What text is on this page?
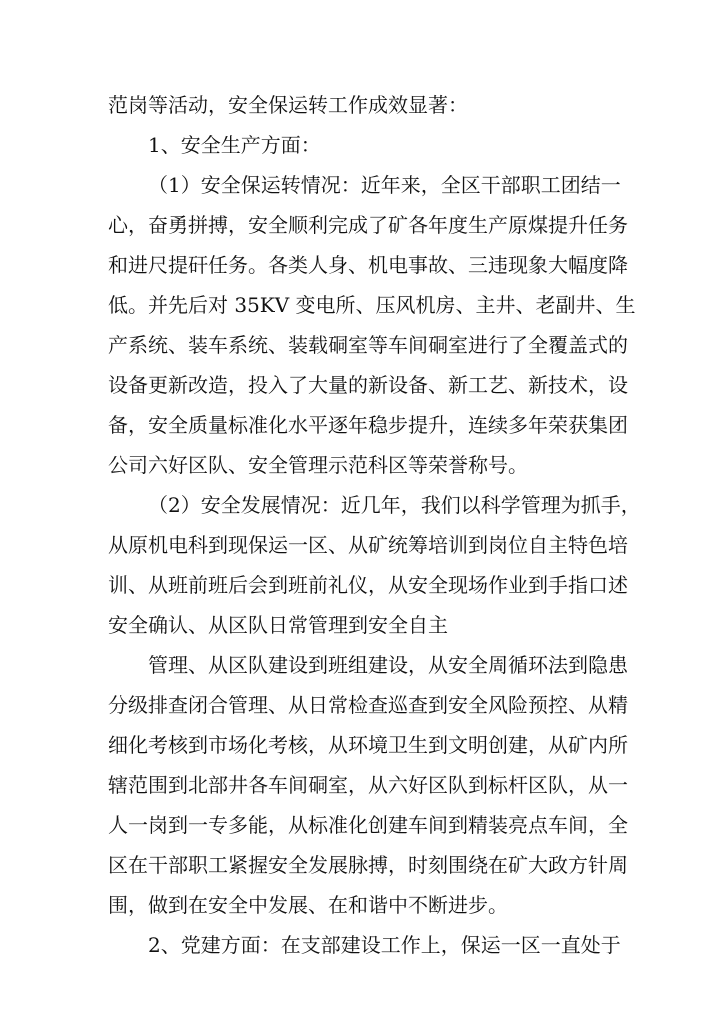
范岗等活动，安全保运转工作成效显著：
1、安全生产方面：
（1）安全保运转情况：近年来，全区干部职工团结一
心，奋勇拼搏，安全顺利完成了矿各年度生产原煤提升任务
和进尺提矸任务。各类人身、机电事故、三违现象大幅度降
低。并先后对 35KV 变电所、压风机房、主井、老副井、生
产系统、装车系统、装载硐室等车间硐室进行了全覆盖式的
设备更新改造，投入了大量的新设备、新工艺、新技术，设
备，安全质量标准化水平逐年稳步提升，连续多年荣获集团
公司六好区队、安全管理示范科区等荣誉称号。
（2）安全发展情况：近几年，我们以科学管理为抓手，
从原机电科到现保运一区、从矿统筹培训到岗位自主特色培
训、从班前班后会到班前礼仪，从安全现场作业到手指口述
安全确认、从区队日常管理到安全自主
管理、从区队建设到班组建设，从安全周循环法到隐患
分级排查闭合管理、从日常检查巡查到安全风险预控、从精
细化考核到市场化考核，从环境卫生到文明创建，从矿内所
辖范围到北部井各车间硐室，从六好区队到标杆区队，从一
人一岗到一专多能，从标准化创建车间到精装亮点车间，全
区在干部职工紧握安全发展脉搏，时刻围绕在矿大政方针周
围，做到在安全中发展、在和谐中不断进步。
2、党建方面：在支部建设工作上，保运一区一直处于
